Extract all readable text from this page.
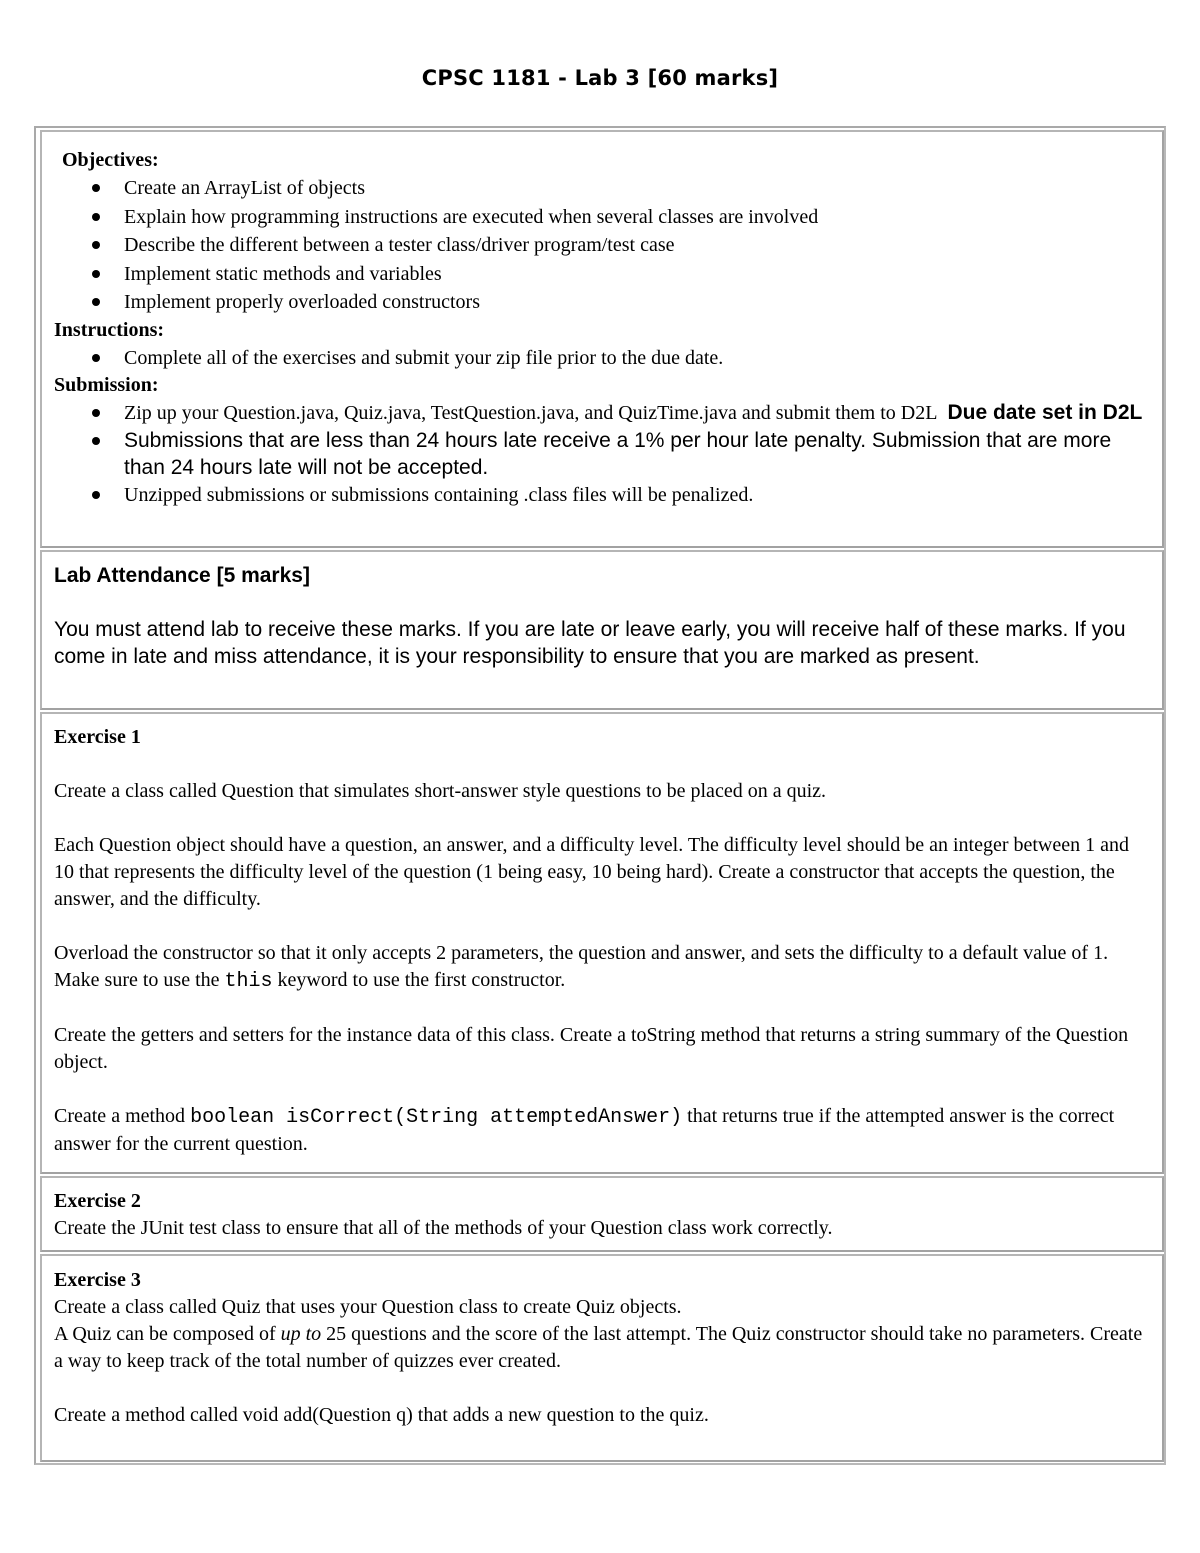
CPSC 1181 - Lab 3 [60 marks]

Objectives:

Create an ArrayList of objects
Explain how programming instructions are executed when several classes are involved
Describe the different between a tester class/driver program/test case
Implement static methods and variables
Implement properly overloaded constructors

Instructions:

Complete all of the exercises and submit your zip file prior to the due date.

Submission:

Zip up your Question.java, Quiz.java, TestQuestion.java, and QuizTime.java and submit them to D2L Due date set in D2L
Submissions that are less than 24 hours late receive a 1% per hour late penalty. Submission that are more than 24 hours late will not be accepted.
Unzipped submissions or submissions containing .class files will be penalized.

Lab Attendance [5 marks]

You must attend lab to receive these marks. If you are late or leave early, you will receive half of these marks. If you come in late and miss attendance, it is your responsibility to ensure that you are marked as present.

Exercise 1

Create a class called Question that simulates short-answer style questions to be placed on a quiz.

Each Question object should have a question, an answer, and a difficulty level. The difficulty level should be an integer between 1 and 10 that represents the difficulty level of the question (1 being easy, 10 being hard). Create a constructor that accepts the question, the answer, and the difficulty.

Overload the constructor so that it only accepts 2 parameters, the question and answer, and sets the difficulty to a default value of 1. Make sure to use the this keyword to use the first constructor.

Create the getters and setters for the instance data of this class. Create a toString method that returns a string summary of the Question object.

Create a method boolean isCorrect(String attemptedAnswer) that returns true if the attempted answer is the correct answer for the current question.

Exercise 2

Create the JUnit test class to ensure that all of the methods of your Question class work correctly.

Exercise 3

Create a class called Quiz that uses your Question class to create Quiz objects.

A Quiz can be composed of up to 25 questions and the score of the last attempt. The Quiz constructor should take no parameters. Create a way to keep track of the total number of quizzes ever created.

Create a method called void add(Question q) that adds a new question to the quiz.
